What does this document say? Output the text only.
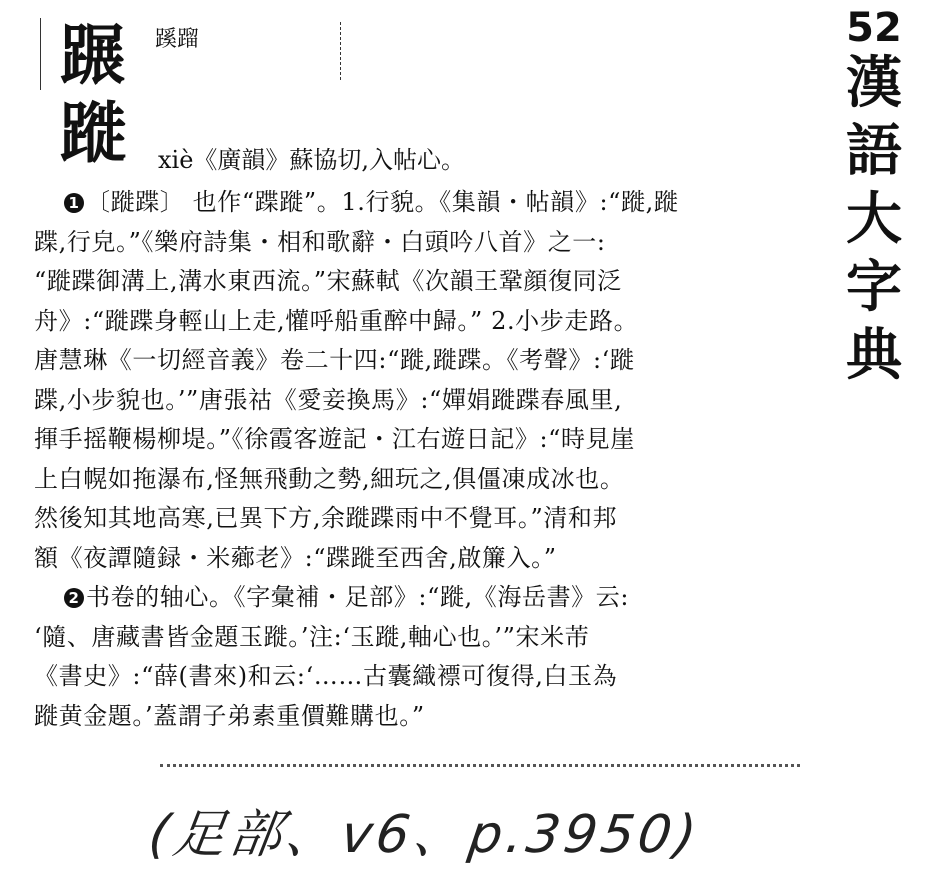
蹍 蹊蹓
蹝 xiè《廣韻》蘇協切,入帖心。
1 〔蹝蹀〕 也作“蹀蹝”。1.行貌。《集韻・帖韻》:“蹝,蹝
蹀,行皃。”《樂府詩集・相和歌辭・白頭吟八首》之一:
“蹝蹀御溝上,溝水東西流。”宋蘇軾《次韻王鞏顔復同泛
舟》:“蹝蹀身輕山上走,懽呼船重醉中歸。” 2.小步走路。
唐慧琳《一切經音義》卷二十四:“蹝,蹝蹀。《考聲》:‘蹝
蹀,小步貌也。’”唐張祜《愛妾換馬》:“嬋娟蹝蹀春風里,
揮手摇鞭楊柳堤。”《徐霞客遊記・江右遊日記》:“時見崖
上白幌如拖瀑布,怪無飛動之勢,細玩之,俱僵凍成冰也。
然後知其地高寒,已異下方,余蹝蹀雨中不覺耳。”清和邦
額《夜譚隨録・米薌老》:“蹀蹝至西舍,啟簾入。”
2 书卷的轴心。《字彙補・足部》:“蹝,《海岳書》云:
‘隨、唐藏書皆金題玉蹝。’注:‘玉蹝,軸心也。’”宋米芾
《書史》:“薛(書來)和云:‘……古囊織褾可復得,白玉為
蹝黄金題。’蓋謂子弟素重價難購也。”
52
漢
語
大
字
典
(足部、v6、p.3950)
